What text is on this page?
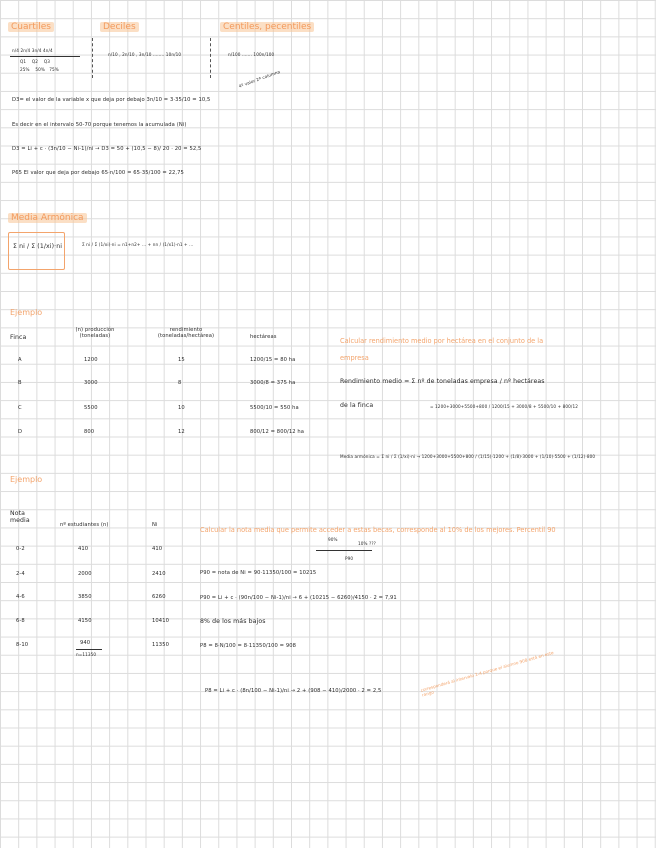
Cuartiles	Deciles	Centiles, pecentiles
n/4 2n/4 3n/4 4n/4
Q1 Q2 Q3
25% 50% 75%
n/10 , 2n/10 , 3n/10 ........ 10n/10	n/100 ....... 100n/100
D3= el valor de la variable x que deja por debajo 3n/10 = 3·35/10 = 10,5
4º valor 2ª columna
Es decir en el intervalo 50-70 porque tenemos la acumulada (Ni)
D3 = Li + c · (3n/10 − Ni-1)/ni → D3 = 50 + (10,5 − 8)/ 20 · 20 = 52,5
P65 El valor que deja por debajo 65·n/100 = 65·35/100 = 22,75
Media Armónica
Σ ni / Σ (1/xi)·ni	Σ ni / Σ (1/xi)·ni = n1+n2+ ... + nn / (1/x1)·n1 + ...
Ejemplo
Finca
(n) producción (toneladas)
rendimiento (toneladas/hectárea)	hectáreas
A	1200	15	1200/15 = 80 ha
B	3000	8	3000/8 = 375 ha
C	5500	10	5500/10 = 550 ha
D	800	12	800/12 = 800/12 ha
Calcular rendimiento medio por hectárea en el conjunto de la empresa
Rendimiento medio = Σ nº de toneladas empresa / nº hectáreas
de la finca	= 1200+3000+5500+800 / 1200/15 + 3000/8 + 5500/10 + 800/12
Media armónica = Σ ni / Σ (1/xi)·ni → 1200+3000+5500+800 / (1/15)·1200 + (1/8)·3000 + (1/10)·5500 + (1/12)·800
Ejemplo
Nota media
nº estudiantes (n)	Ni
0-2	410	410
2-4	2000	2410
4-6	3850	6260
6-8	4150	10410
8-10	940	11350
n=11350
Calcular la nota media que permite acceder a estas becas, corresponde al 10% de los mejores. Percentil 90
90%
10% ???
P90
P90 = nota de Ni = 90·11350/100 = 10215
P90 = Li + c · (90n/100 − Ni-1)/ni → 6 + (10215 − 6260)/4150 · 2 = 7,91
8% de los más bajos
P8 = 8·N/100 = 8·11350/100 = 908
P8 = Li + c · (8n/100 − Ni-1)/ni → 2 + (908 − 410)/2000 · 2 = 2,5	corresponderá al intervalo 2-4 porque el alumno 908 está en este rango
